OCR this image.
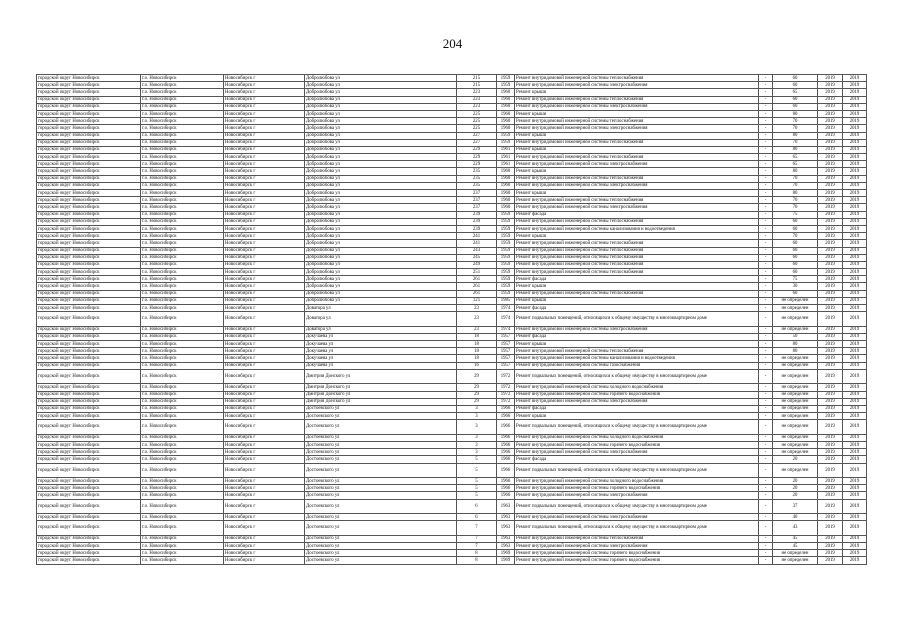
204
городской округ Новосибирск	г.о. Новосибирск	Новосибирск г	Добролюбова ул	215	1959	Ремонт внутридомовой инженерной системы теплоснабжения	-	60	2019	2019
городской округ Новосибирск	г.о. Новосибирск	Новосибирск г	Добролюбова ул	215	1959	Ремонт внутридомовой инженерной системы электроснабжения	-	60	2019	2019
городской округ Новосибирск	г.о. Новосибирск	Новосибирск г	Добролюбова ул	223	1960	Ремонт крыши	-	65	2019	2019
городской округ Новосибирск	г.о. Новосибирск	Новосибирск г	Добролюбова ул	223	1960	Ремонт внутридомовой инженерной системы теплоснабжения	-	60	2019	2019
городской округ Новосибирск	г.о. Новосибирск	Новосибирск г	Добролюбова ул	223	1960	Ремонт внутридомовой инженерной системы электроснабжения	-	60	2019	2019
городской округ Новосибирск	г.о. Новосибирск	Новосибирск г	Добролюбова ул	225	1960	Ремонт крыши	-	80	2019	2019
городской округ Новосибирск	г.о. Новосибирск	Новосибирск г	Добролюбова ул	225	1960	Ремонт внутридомовой инженерной системы теплоснабжения	-	70	2019	2019
городской округ Новосибирск	г.о. Новосибирск	Новосибирск г	Добролюбова ул	225	1960	Ремонт внутридомовой инженерной системы электроснабжения	-	70	2019	2019
городской округ Новосибирск	г.о. Новосибирск	Новосибирск г	Добролюбова ул	227	1959	Ремонт крыши	-	80	2019	2019
городской округ Новосибирск	г.о. Новосибирск	Новосибирск г	Добролюбова ул	227	1959	Ремонт внутридомовой инженерной системы теплоснабжения	-	70	2019	2019
городской округ Новосибирск	г.о. Новосибирск	Новосибирск г	Добролюбова ул	229	1961	Ремонт крыши	-	80	2019	2019
городской округ Новосибирск	г.о. Новосибирск	Новосибирск г	Добролюбова ул	229	1961	Ремонт внутридомовой инженерной системы теплоснабжения	-	65	2019	2019
городской округ Новосибирск	г.о. Новосибирск	Новосибирск г	Добролюбова ул	229	1961	Ремонт внутридомовой инженерной системы электроснабжения	-	65	2019	2019
городской округ Новосибирск	г.о. Новосибирск	Новосибирск г	Добролюбова ул	235	1960	Ремонт крыши	-	80	2019	2019
городской округ Новосибирск	г.о. Новосибирск	Новосибирск г	Добролюбова ул	235	1960	Ремонт внутридомовой инженерной системы теплоснабжения	-	70	2019	2019
городской округ Новосибирск	г.о. Новосибирск	Новосибирск г	Добролюбова ул	235	1960	Ремонт внутридомовой инженерной системы электроснабжения	-	70	2019	2019
городской округ Новосибирск	г.о. Новосибирск	Новосибирск г	Добролюбова ул	237	1960	Ремонт крыши	-	80	2019	2019
городской округ Новосибирск	г.о. Новосибирск	Новосибирск г	Добролюбова ул	237	1960	Ремонт внутридомовой инженерной системы теплоснабжения	-	70	2019	2019
городской округ Новосибирск	г.о. Новосибирск	Новосибирск г	Добролюбова ул	237	1960	Ремонт внутридомовой инженерной системы электроснабжения	-	70	2019	2019
городской округ Новосибирск	г.о. Новосибирск	Новосибирск г	Добролюбова ул	239	1959	Ремонт фасада	-	75	2019	2019
городской округ Новосибирск	г.о. Новосибирск	Новосибирск г	Добролюбова ул	239	1959	Ремонт внутридомовой инженерной системы теплоснабжения	-	60	2019	2019
городской округ Новосибирск	г.о. Новосибирск	Новосибирск г	Добролюбова ул	239	1959	Ремонт внутридомовой инженерной системы канализования и водоотведения	-	60	2019	2019
городской округ Новосибирск	г.о. Новосибирск	Новосибирск г	Добролюбова ул	241	1959	Ремонт крыши	-	70	2019	2019
городской округ Новосибирск	г.о. Новосибирск	Новосибирск г	Добролюбова ул	241	1959	Ремонт внутридомовой инженерной системы теплоснабжения	-	60	2019	2019
городской округ Новосибирск	г.о. Новосибирск	Новосибирск г	Добролюбова ул	243	1959	Ремонт внутридомовой инженерной системы теплоснабжения	-	60	2019	2019
городской округ Новосибирск	г.о. Новосибирск	Новосибирск г	Добролюбова ул	245	1959	Ремонт внутридомовой инженерной системы теплоснабжения	-	60	2019	2019
городской округ Новосибирск	г.о. Новосибирск	Новосибирск г	Добролюбова ул	249	1959	Ремонт внутридомовой инженерной системы теплоснабжения	-	60	2019	2019
городской округ Новосибирск	г.о. Новосибирск	Новосибирск г	Добролюбова ул	251	1959	Ремонт внутридомовой инженерной системы теплоснабжения	-	60	2019	2019
городской округ Новосибирск	г.о. Новосибирск	Новосибирск г	Добролюбова ул	261	1959	Ремонт фасада	-	75	2019	2019
городской округ Новосибирск	г.о. Новосибирск	Новосибирск г	Добролюбова ул	261	1959	Ремонт крыши	-	30	2019	2019
городской округ Новосибирск	г.о. Новосибирск	Новосибирск г	Добролюбова ул	261	1959	Ремонт внутридомовой инженерной системы теплоснабжения	-	60	2019	2019
городской округ Новосибирск	г.о. Новосибирск	Новосибирск г	Добролюбова ул	121	1985	Ремонт крыши	-	не определен	2019	2019
городской округ Новосибирск	г.о. Новосибирск	Новосибирск г	Доватора ул	23	1974	Ремонт фасада	-	не определен	2019	2019
городской округ Новосибирск	г.о. Новосибирск	Новосибирск г	Доватора ул	23	1974	Ремонт подвальных помещений, относящихся к общему имуществу в многоквартирном доме	-	не определен	2019	2019
городской округ Новосибирск	г.о. Новосибирск	Новосибирск г	Доватора ул	23	1974	Ремонт внутридомовой инженерной системы электроснабжения	-	не определен	2019	2019
городской округ Новосибирск	г.о. Новосибирск	Новосибирск г	Докучаева ул	18	1957	Ремонт фасада	-	50	2019	2019
городской округ Новосибирск	г.о. Новосибирск	Новосибирск г	Докучаева ул	18	1957	Ремонт крыши	-	80	2019	2019
городской округ Новосибирск	г.о. Новосибирск	Новосибирск г	Докучаева ул	18	1957	Ремонт внутридомовой инженерной системы теплоснабжения	-	80	2019	2019
городской округ Новосибирск	г.о. Новосибирск	Новосибирск г	Докучаева ул	18	1957	Ремонт внутридомовой инженерной системы канализования и водоотведения	-	не определен	2019	2019
городской округ Новосибирск	г.о. Новосибирск	Новосибирск г	Докучаева ул	16	1957	Ремонт внутридомовой инженерной системы газоснабжения	-	не определен	2019	2019
городской округ Новосибирск	г.о. Новосибирск	Новосибирск г	Дмитрия Донского ул	29	1972	Ремонт подвальных помещений, относящихся к общему имуществу в многоквартирном доме	-	не определен	2019	2019
городской округ Новосибирск	г.о. Новосибирск	Новосибирск г	Дмитрия Донского ул	29	1972	Ремонт внутридомовой инженерной системы холодного водоснабжения	-	не определен	2019	2019
городской округ Новосибирск	г.о. Новосибирск	Новосибирск г	Дмитрия Донского ул	29	1972	Ремонт внутридомовой инженерной системы горячего водоснабжения	-	не определен	2019	2019
городской округ Новосибирск	г.о. Новосибирск	Новосибирск г	Дмитрия Донского ул	29	1972	Ремонт внутридомовой инженерной системы электроснабжения	-	не определен	2019	2019
городской округ Новосибирск	г.о. Новосибирск	Новосибирск г	Достоевского ул	3	1966	Ремонт фасада	-	не определен	2019	2019
городской округ Новосибирск	г.о. Новосибирск	Новосибирск г	Достоевского ул	3	1966	Ремонт крыши	-	не определен	2019	2019
городской округ Новосибирск	г.о. Новосибирск	Новосибирск г	Достоевского ул	3	1966	Ремонт подвальных помещений, относящихся к общему имуществу в многоквартирном доме	-	не определен	2019	2019
городской округ Новосибирск	г.о. Новосибирск	Новосибирск г	Достоевского ул	3	1966	Ремонт внутридомовой инженерной системы холодного водоснабжения	-	не определен	2019	2019
городской округ Новосибирск	г.о. Новосибирск	Новосибирск г	Достоевского ул	3	1966	Ремонт внутридомовой инженерной системы горячего водоснабжения	-	не определен	2019	2019
городской округ Новосибирск	г.о. Новосибирск	Новосибирск г	Достоевского ул	3	1966	Ремонт внутридомовой инженерной системы электроснабжения	-	не определен	2019	2019
городской округ Новосибирск	г.о. Новосибирск	Новосибирск г	Достоевского ул	5	1966	Ремонт фасада	-	20	2019	2019
городской округ Новосибирск	г.о. Новосибирск	Новосибирск г	Достоевского ул	5	1966	Ремонт подвальных помещений, относящихся к общему имуществу в многоквартирном доме	-	не определен	2019	2019
городской округ Новосибирск	г.о. Новосибирск	Новосибирск г	Достоевского ул	5	1966	Ремонт внутридомовой инженерной системы холодного водоснабжения	-	20	2019	2019
городской округ Новосибирск	г.о. Новосибирск	Новосибирск г	Достоевского ул	5	1966	Ремонт внутридомовой инженерной системы горячего водоснабжения	-	20	2019	2019
городской округ Новосибирск	г.о. Новосибирск	Новосибирск г	Достоевского ул	5	1966	Ремонт внутридомовой инженерной системы электроснабжения	-	20	2019	2019
городской округ Новосибирск	г.о. Новосибирск	Новосибирск г	Достоевского ул	6	1963	Ремонт подвальных помещений, относящихся к общему имуществу в многоквартирном доме	-	37	2019	2019
городской округ Новосибирск	г.о. Новосибирск	Новосибирск г	Достоевского ул	6	1963	Ремонт внутридомовой инженерной системы электроснабжения	-	40	2019	2019
городской округ Новосибирск	г.о. Новосибирск	Новосибирск г	Достоевского ул	7	1963	Ремонт подвальных помещений, относящихся к общему имуществу в многоквартирном доме	-	43	2019	2019
городской округ Новосибирск	г.о. Новосибирск	Новосибирск г	Достоевского ул	7	1963	Ремонт внутридомовой инженерной системы теплоснабжения	-	45	2019	2019
городской округ Новосибирск	г.о. Новосибирск	Новосибирск г	Достоевского ул	7	1963	Ремонт внутридомовой инженерной системы электроснабжения	-	45	2019	2019
городской округ Новосибирск	г.о. Новосибирск	Новосибирск г	Достоевского ул	8	1969	Ремонт внутридомовой инженерной системы горячего водоснабжения	-	не определен	2019	2019
городской округ Новосибирск	г.о. Новосибирск	Новосибирск г	Достоевского ул	8	1969	Ремонт внутридомовой инженерной системы горячего водоснабжения	-	не определен	2019	2019
